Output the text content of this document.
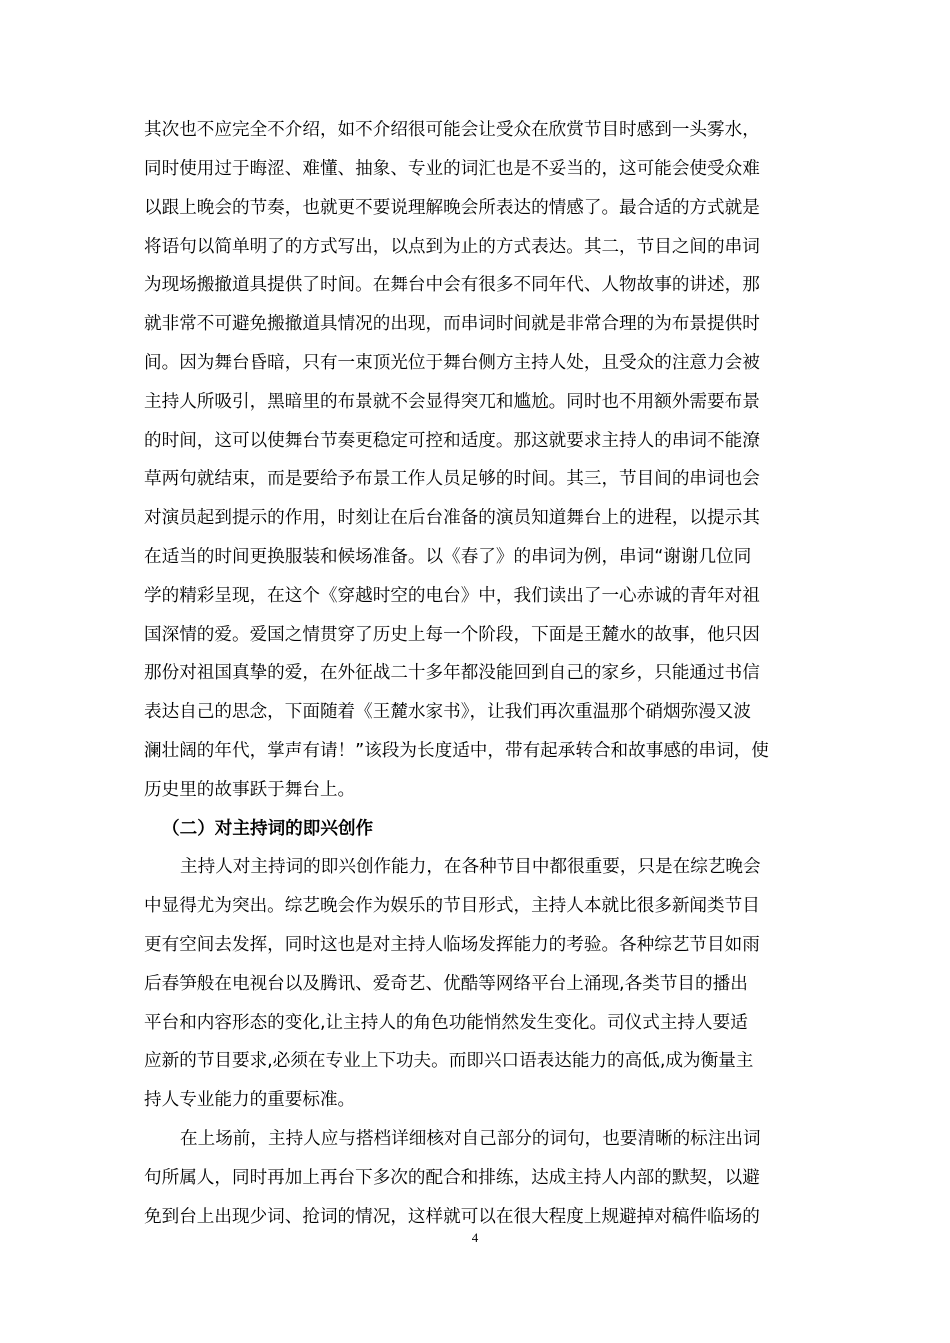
其次也不应完全不介绍，如不介绍很可能会让受众在欣赏节目时感到一头雾水，
同时使用过于晦涩、难懂、抽象、专业的词汇也是不妥当的，这可能会使受众难
以跟上晚会的节奏，也就更不要说理解晚会所表达的情感了。最合适的方式就是
将语句以简单明了的方式写出，以点到为止的方式表达。其二，节目之间的串词
为现场搬撤道具提供了时间。在舞台中会有很多不同年代、人物故事的讲述，那
就非常不可避免搬撤道具情况的出现，而串词时间就是非常合理的为布景提供时
间。因为舞台昏暗，只有一束顶光位于舞台侧方主持人处，且受众的注意力会被
主持人所吸引，黑暗里的布景就不会显得突兀和尴尬。同时也不用额外需要布景
的时间，这可以使舞台节奏更稳定可控和适度。那这就要求主持人的串词不能潦
草两句就结束，而是要给予布景工作人员足够的时间。其三，节目间的串词也会
对演员起到提示的作用，时刻让在后台准备的演员知道舞台上的进程，以提示其
在适当的时间更换服装和候场准备。以《春了》的串词为例，串词“谢谢几位同
学的精彩呈现，在这个《穿越时空的电台》中，我们读出了一心赤诚的青年对祖
国深情的爱。爱国之情贯穿了历史上每一个阶段，下面是王麓水的故事，他只因
那份对祖国真挚的爱，在外征战二十多年都没能回到自己的家乡，只能通过书信
表达自己的思念，下面随着《王麓水家书》，让我们再次重温那个硝烟弥漫又波
澜壮阔的年代，掌声有请！”该段为长度适中，带有起承转合和故事感的串词，使
历史里的故事跃于舞台上。
（二）对主持词的即兴创作
主持人对主持词的即兴创作能力，在各种节目中都很重要，只是在综艺晚会
中显得尤为突出。综艺晚会作为娱乐的节目形式，主持人本就比很多新闻类节目
更有空间去发挥，同时这也是对主持人临场发挥能力的考验。各种综艺节目如雨
后春笋般在电视台以及腾讯、爱奇艺、优酷等网络平台上涌现,各类节目的播出
平台和内容形态的变化,让主持人的角色功能悄然发生变化。司仪式主持人要适
应新的节目要求,必须在专业上下功夫。而即兴口语表达能力的高低,成为衡量主
持人专业能力的重要标准。
在上场前，主持人应与搭档详细核对自己部分的词句，也要清晰的标注出词
句所属人，同时再加上再台下多次的配合和排练，达成主持人内部的默契，以避
免到台上出现少词、抢词的情况，这样就可以在很大程度上规避掉对稿件临场的
4
